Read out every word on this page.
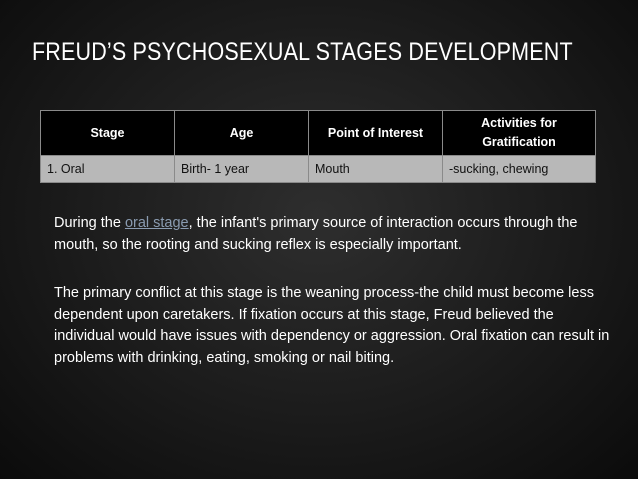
FREUD’S PSYCHOSEXUAL STAGES DEVELOPMENT
Stage	Age	Point of Interest	Activities for Gratification
1. Oral	Birth- 1 year	Mouth	-sucking, chewing
During the oral stage, the infant's primary source of interaction occurs through the mouth, so the rooting and sucking reflex is especially important.
The primary conflict at this stage is the weaning process-the child must become less dependent upon caretakers. If fixation occurs at this stage, Freud believed the individual would have issues with dependency or aggression. Oral fixation can result in problems with drinking, eating, smoking or nail biting.
